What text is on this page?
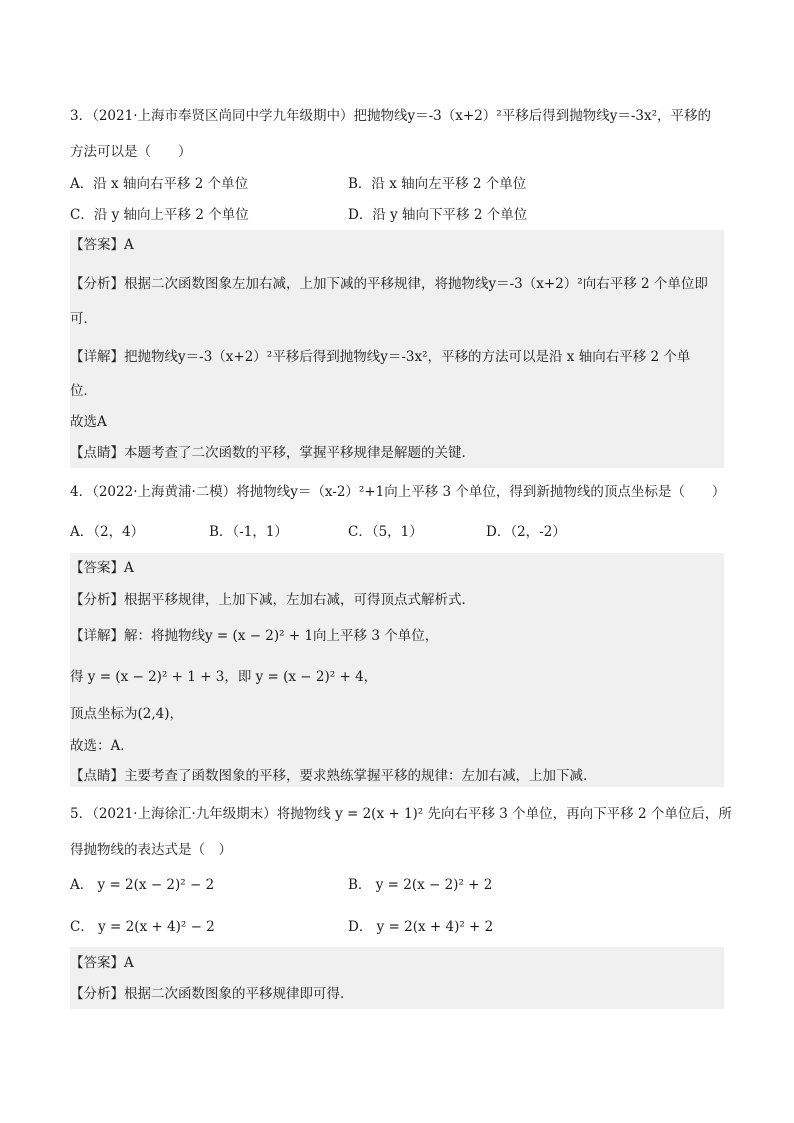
3．（2021·上海市奉贤区尚同中学九年级期中）把抛物线y＝-3（x+2）²平移后得到抛物线y＝-3x²，平移的
方法可以是（　　）
A．沿 x 轴向右平移 2 个单位	B．沿 x 轴向左平移 2 个单位
C．沿 y 轴向上平移 2 个单位	D．沿 y 轴向下平移 2 个单位
【答案】A
【分析】根据二次函数图象左加右减，上加下减的平移规律，将抛物线y＝-3（x+2）²向右平移 2 个单位即
可．
【详解】把抛物线y＝-3（x+2）²平移后得到抛物线y＝-3x²，平移的方法可以是沿 x 轴向右平移 2 个单
位．
故选A
【点睛】本题考查了二次函数的平移，掌握平移规律是解题的关键．
4．（2022·上海黄浦·二模）将抛物线y＝（x-2）²+1向上平移 3 个单位，得到新抛物线的顶点坐标是（　　）
A．（2，4）	B．（-1，1）	C．（5，1）	D．（2，-2）
【答案】A
【分析】根据平移规律，上加下减，左加右减，可得顶点式解析式．
【详解】解：将抛物线y = (x − 2)² + 1向上平移 3 个单位，
得 y = (x − 2)² + 1 + 3，即 y = (x − 2)² + 4，
顶点坐标为(2,4)，
故选：A．
【点睛】主要考查了函数图象的平移，要求熟练掌握平移的规律：左加右减，上加下减．
5．（2021·上海徐汇·九年级期末）将抛物线 y = 2(x + 1)² 先向右平移 3 个单位，再向下平移 2 个单位后，所
得抛物线的表达式是（　）
A． y = 2(x − 2)² − 2	B． y = 2(x − 2)² + 2
C． y = 2(x + 4)² − 2	D． y = 2(x + 4)² + 2
【答案】A
【分析】根据二次函数图象的平移规律即可得．
